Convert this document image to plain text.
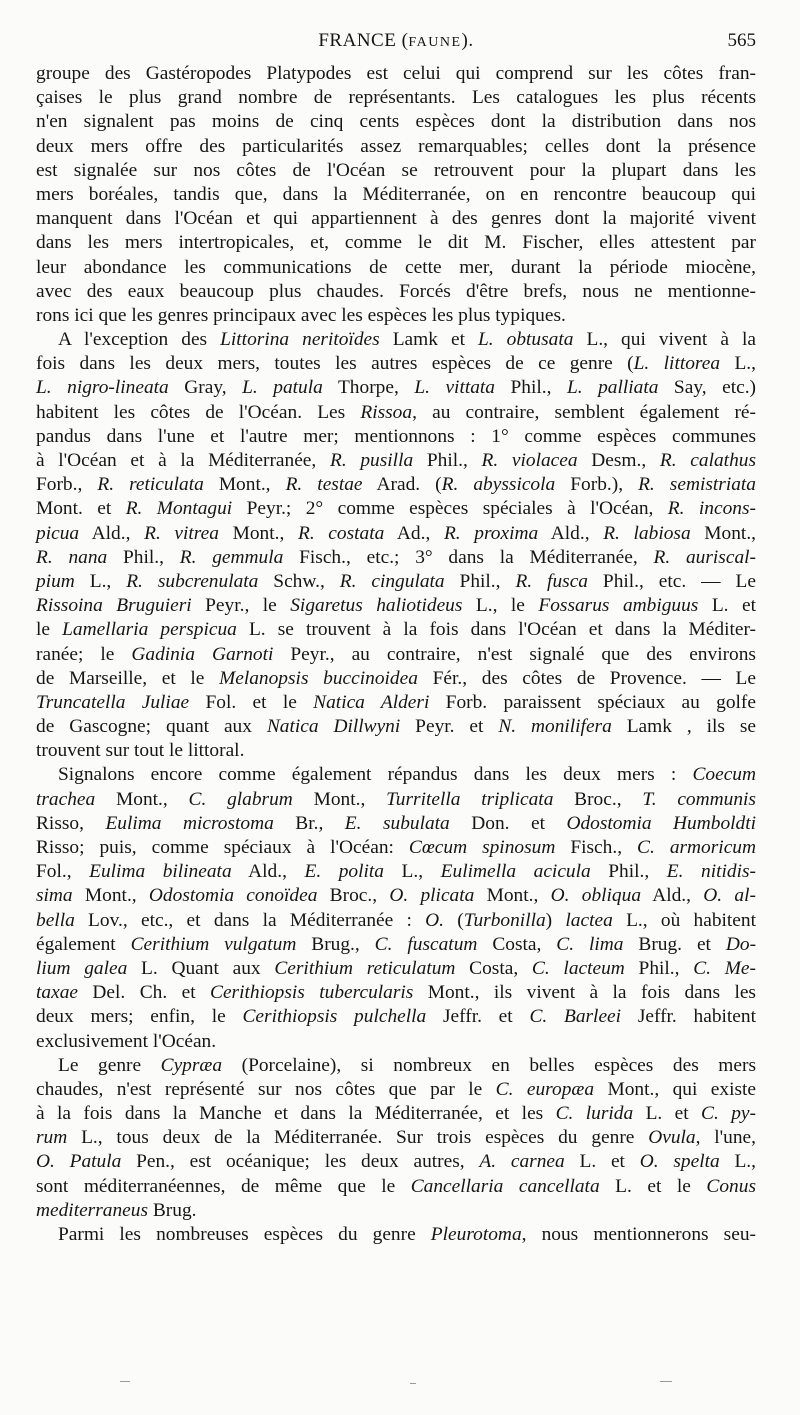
FRANCE (FAUNE).	565
groupe des Gastéropodes Platypodes est celui qui comprend sur les côtes fran-
çaises le plus grand nombre de représentants. Les catalogues les plus récents
n'en signalent pas moins de cinq cents espèces dont la distribution dans nos
deux mers offre des particularités assez remarquables; celles dont la présence
est signalée sur nos côtes de l'Océan se retrouvent pour la plupart dans les
mers boréales, tandis que, dans la Méditerranée, on en rencontre beaucoup qui
manquent dans l'Océan et qui appartiennent à des genres dont la majorité vivent
dans les mers intertropicales, et, comme le dit M. Fischer, elles attestent par
leur abondance les communications de cette mer, durant la période miocène,
avec des eaux beaucoup plus chaudes. Forcés d'être brefs, nous ne mentionne-
rons ici que les genres principaux avec les espèces les plus typiques.
A l'exception des Littorina neritoïdes Lamk et L. obtusata L., qui vivent à la
fois dans les deux mers, toutes les autres espèces de ce genre (L. littorea L.,
L. nigro-lineata Gray, L. patula Thorpe, L. vittata Phil., L. palliata Say, etc.)
habitent les côtes de l'Océan. Les Rissoa, au contraire, semblent également ré-
pandus dans l'une et l'autre mer; mentionnons : 1° comme espèces communes
à l'Océan et à la Méditerranée, R. pusilla Phil., R. violacea Desm., R. calathus
Forb., R. reticulata Mont., R. testae Arad. (R. abyssicola Forb.), R. semistriata
Mont. et R. Montagui Peyr.; 2° comme espèces spéciales à l'Océan, R. incons-
picua Ald., R. vitrea Mont., R. costata Ad., R. proxima Ald., R. labiosa Mont.,
R. nana Phil., R. gemmula Fisch., etc.; 3° dans la Méditerranée, R. auriscal-
pium L., R. subcrenulata Schw., R. cingulata Phil., R. fusca Phil., etc. — Le
Rissoina Bruguieri Peyr., le Sigaretus haliotideus L., le Fossarus ambiguus L. et
le Lamellaria perspicua L. se trouvent à la fois dans l'Océan et dans la Méditer-
ranée; le Gadinia Garnoti Peyr., au contraire, n'est signalé que des environs
de Marseille, et le Melanopsis buccinoidea Fér., des côtes de Provence. — Le
Truncatella Juliae Fol. et le Natica Alderi Forb. paraissent spéciaux au golfe
de Gascogne; quant aux Natica Dillwyni Peyr. et N. monilifera Lamk , ils se
trouvent sur tout le littoral.
Signalons encore comme également répandus dans les deux mers : Coecum
trachea Mont., C. glabrum Mont., Turritella triplicata Broc., T. communis
Risso, Eulima microstoma Br., E. subulata Don. et Odostomia Humboldti
Risso; puis, comme spéciaux à l'Océan: Cœcum spinosum Fisch., C. armoricum
Fol., Eulima bilineata Ald., E. polita L., Eulimella acicula Phil., E. nitidis-
sima Mont., Odostomia conoïdea Broc., O. plicata Mont., O. obliqua Ald., O. al-
bella Lov., etc., et dans la Méditerranée : O. (Turbonilla) lactea L., où habitent
également Cerithium vulgatum Brug., C. fuscatum Costa, C. lima Brug. et Do-
lium galea L. Quant aux Cerithium reticulatum Costa, C. lacteum Phil., C. Me-
taxae Del. Ch. et Cerithiopsis tubercularis Mont., ils vivent à la fois dans les
deux mers; enfin, le Cerithiopsis pulchella Jeffr. et C. Barleei Jeffr. habitent
exclusivement l'Océan.
Le genre Cypræa (Porcelaine), si nombreux en belles espèces des mers
chaudes, n'est représenté sur nos côtes que par le C. europæa Mont., qui existe
à la fois dans la Manche et dans la Méditerranée, et les C. lurida L. et C. py-
rum L., tous deux de la Méditerranée. Sur trois espèces du genre Ovula, l'une,
O. Patula Pen., est océanique; les deux autres, A. carnea L. et O. spelta L.,
sont méditerranéennes, de même que le Cancellaria cancellata L. et le Conus
mediterraneus Brug.
Parmi les nombreuses espèces du genre Pleurotoma, nous mentionnerons seu-
